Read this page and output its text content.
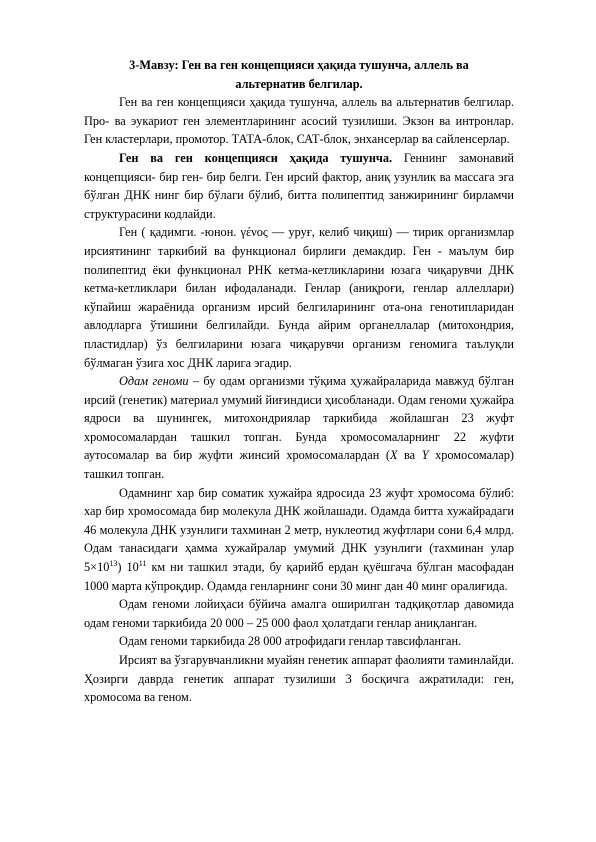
3-Мавзу: Ген ва ген концепцияси ҳақида тушунча, аллель ва
альтернатив белгилар.

Ген ва ген концепцияси ҳақида тушунча, аллель ва альтернатив белгилар. Про- ва эукариот ген элементларининг асосий тузилиши. Экзон ва интронлар. Ген кластерлари, промотор. ТАТА-блок, САТ-блок, энхансерлар ва сайленсерлар.

Ген ва ген концепцияси ҳақида тушунча. Геннинг замонавий концепцияси- бир ген- бир белги. Ген ирсий фактор, аниқ узунлик ва массага эга бўлган ДНК нинг бир бўлаги бўлиб, битта полипептид занжирининг бирламчи структурасини кодлайди.

Ген ( қадимги. -юнон. γένος — уруғ, келиб чиқиш) — тирик организмлар ирсиятининг таркибий ва функционал бирлиги демакдир. Ген - маълум бир полипептид ёки функционал РНК кетма-кетликларини юзага чиқарувчи ДНК кетма-кетликлари билан ифодаланади. Генлар (аниқроғи, генлар аллеллари) кўпайиш жараёнида организм ирсий белгиларининг ота-она генотипларидан авлодларга ўтишини белгилайди. Бунда айрим органеллалар (митохондрия, пластидлар) ўз белгиларини юзага чиқарувчи организм геномига таълуқли бўлмаган ўзига хос ДНК ларига эгадир.

Одам геноми – бу одам организми тўқима ҳужайраларида мавжуд бўлган ирсий (генетик) материал умумий йиғиндиси ҳисобланади. Одам геноми ҳужайра ядроси ва шунингек, митохондриялар таркибида жойлашган 23 жуфт хромосомалардан ташкил топган. Бунда хромосомаларнинг 22 жуфти аутосомалар ва бир жуфти жинсий хромосомалардан (X ва Y хромосомалар) ташкил топган.

Одамнинг хар бир соматик хужайра ядросида 23 жуфт хромосома бўлиб: хар бир хромосомада бир молекула ДНК жойлашади. Одамда битта хужайрадаги 46 молекула ДНК узунлиги тахминан 2 метр, нуклеотид жуфтлари сони 6,4 млрд. Одам танасидаги ҳамма хужайралар умумий ДНК узунлиги (тахминан улар $5\times 10^{13}$) $10^{11}$ км ни ташкил этади, бу қарийб ердан қуёшгача бўлган масофадан 1000 марта кўпроқдир. Одамда генларнинг сони 30 минг дан 40 минг оралиғида.

Одам геноми лойиҳаси бўйича амалга оширилган тадқиқотлар давомида одам геноми таркибида 20 000 – 25 000 фаол ҳолатдаги генлар аниқланган.

Одам геноми таркибида 28 000 атрофидаги генлар тавсифланган.

Ирсият ва ўзгарувчанликни муайян генетик аппарат фаолияти таминлайди. Ҳозирги даврда генетик аппарат тузилиши 3 босқичга ажратилади: ген, хромосома ва геном.
